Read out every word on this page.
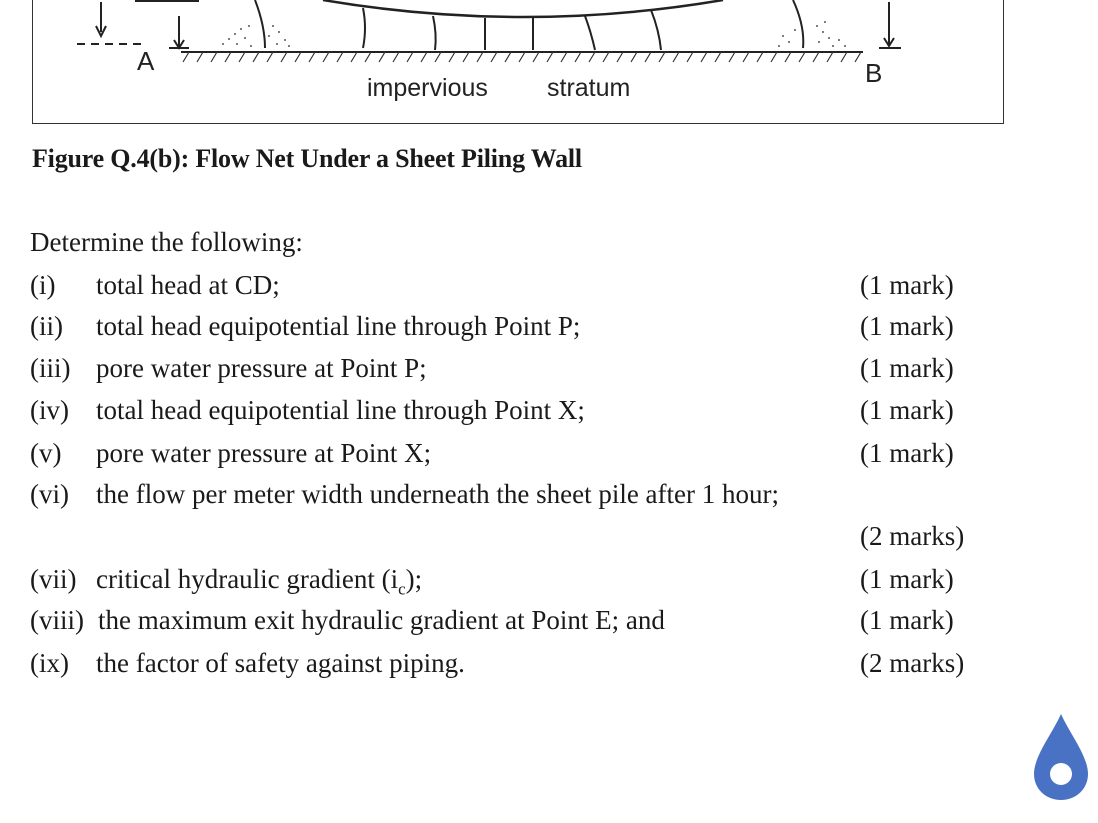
A	B
impervious stratum
Figure Q.4(b): Flow Net Under a Sheet Piling Wall
Determine the following:
(i) total head at CD;	(1 mark)
(ii) total head equipotential line through Point P;	(1 mark)
(iii) pore water pressure at Point P;	(1 mark)
(iv) total head equipotential line through Point X;	(1 mark)
(v) pore water pressure at Point X;	(1 mark)
(vi) the flow per meter width underneath the sheet pile after 1 hour;
(2 marks)
(vii) critical hydraulic gradient $(i_c)$;	(1 mark)
(viii) the maximum exit hydraulic gradient at Point E; and	(1 mark)
(ix) the factor of safety against piping.	(2 marks)
